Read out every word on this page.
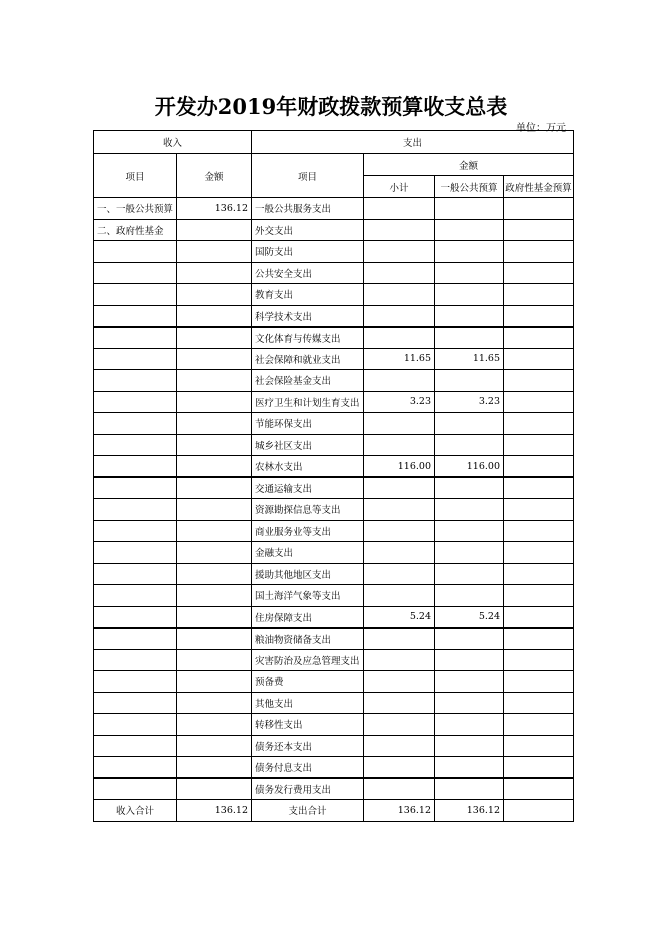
开发办2019年财政拨款预算收支总表
单位：万元
收入		支出			
项目	金额	项目	金额		
			小计	一般公共预算	政府性基金预算
一、一般公共预算	136.12	一般公共服务支出			
二、政府性基金		外交支出			
		国防支出			
		公共安全支出			
		教育支出			
		科学技术支出			
		文化体育与传媒支出			
		社会保障和就业支出	11.65	11.65	
		社会保险基金支出			
		医疗卫生和计划生育支出	3.23	3.23	
		节能环保支出			
		城乡社区支出			
		农林水支出	116.00	116.00	
		交通运输支出			
		资源勘探信息等支出			
		商业服务业等支出			
		金融支出			
		援助其他地区支出			
		国土海洋气象等支出			
		住房保障支出	5.24	5.24	
		粮油物资储备支出			
		灾害防治及应急管理支出			
		预备费			
		其他支出			
		转移性支出			
		债务还本支出			
		债务付息支出			
		债务发行费用支出			
收入合计	136.12	支出合计	136.12	136.12	
